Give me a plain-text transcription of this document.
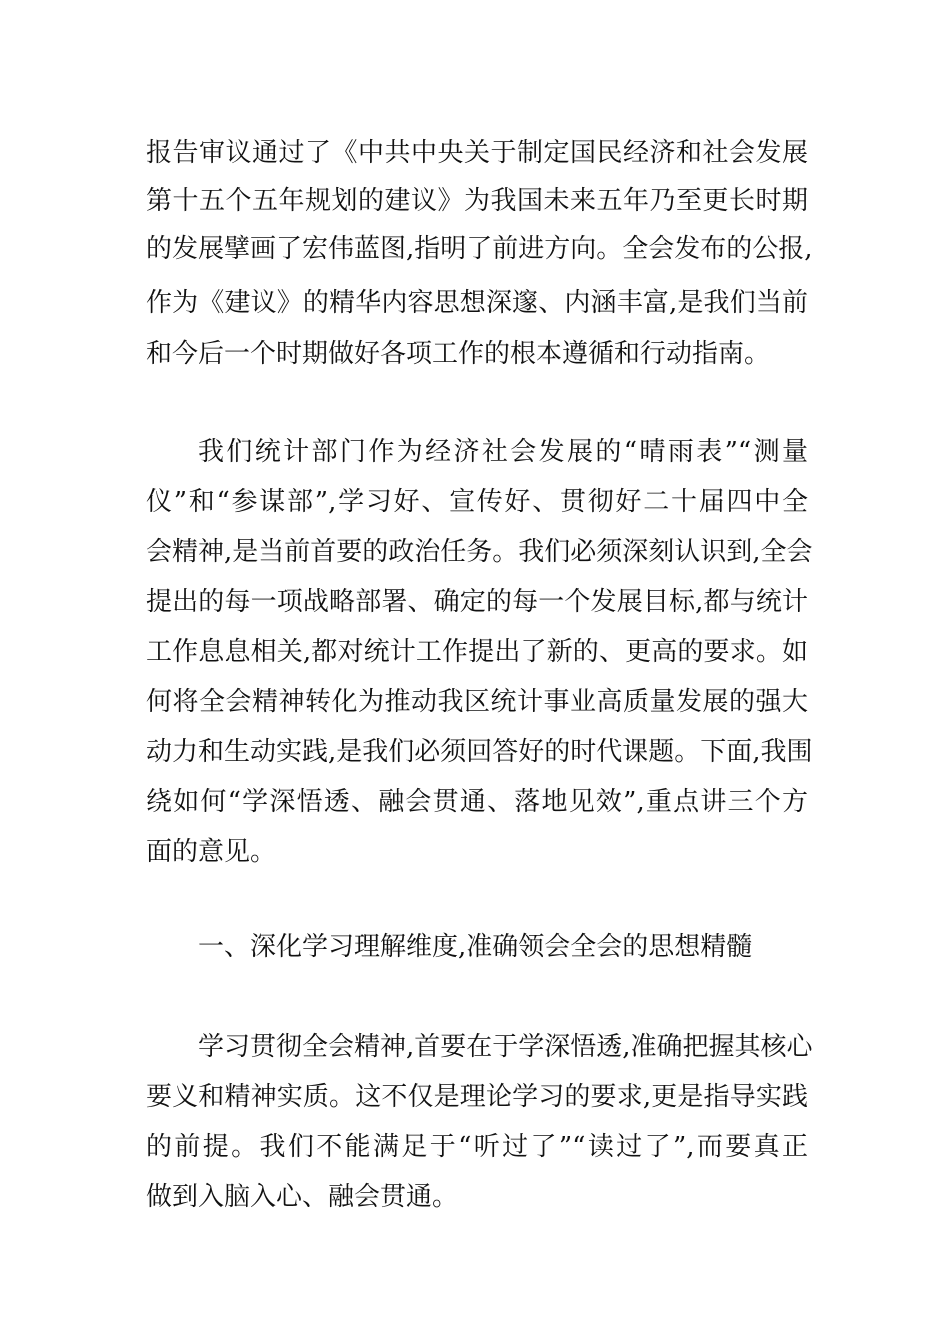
报告审议通过了《中共中央关于制定国民经济和社会发展

第十五个五年规划的建议》为我国未来五年乃至更长时期

的发展擘画了宏伟蓝图,指明了前进方向。全会发布的公报,

作为《建议》的精华内容思想深邃、内涵丰富,是我们当前

和今后一个时期做好各项工作的根本遵循和行动指南。

我们统计部门作为经济社会发展的“晴雨表”“测量

仪”和“参谋部”,学习好、宣传好、贯彻好二十届四中全

会精神,是当前首要的政治任务。我们必须深刻认识到,全会

提出的每一项战略部署、确定的每一个发展目标,都与统计

工作息息相关,都对统计工作提出了新的、更高的要求。如

何将全会精神转化为推动我区统计事业高质量发展的强大

动力和生动实践,是我们必须回答好的时代课题。下面,我围

绕如何“学深悟透、融会贯通、落地见效”,重点讲三个方

面的意见。

一、深化学习理解维度,准确领会全会的思想精髓

学习贯彻全会精神,首要在于学深悟透,准确把握其核心

要义和精神实质。这不仅是理论学习的要求,更是指导实践

的前提。我们不能满足于“听过了”“读过了”,而要真正

做到入脑入心、融会贯通。
